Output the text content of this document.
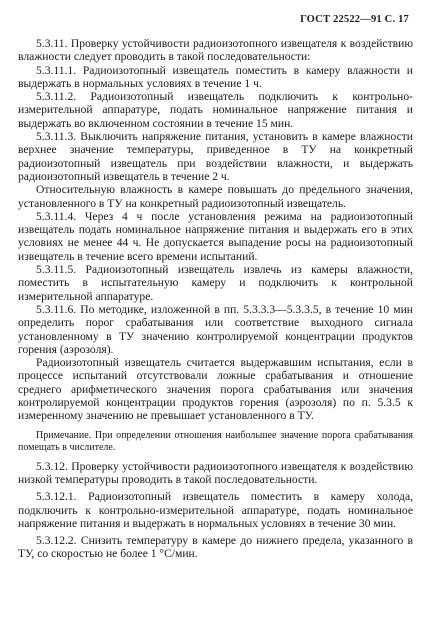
ГОСТ 22522—91 С. 17

5.3.11. Проверку устойчивости радиоизотопного извещателя к воздействию влажности следует проводить в такой последовательности:

5.3.11.1. Радиоизотопный извещатель поместить в камеру влажности и выдержать в нормальных условиях в течение 1 ч.

5.3.11.2. Радиоизотопный извещатель подключить к контрольно-измерительной аппаратуре, подать номинальное напряжение питания и выдержать во включенном состоянии в течение 15 мин.

5.3.11.3. Выключить напряжение питания, установить в камере влажности верхнее значение температуры, приведенное в ТУ на конкретный радиоизотопный извещатель при воздействии влажности, и выдержать радиоизотопный извещатель в течение 2 ч.

Относительную влажность в камере повышать до предельного значения, установленного в ТУ на конкретный радиоизотопный извещатель.

5.3.11.4. Через 4 ч после установления режима на радиоизотопный извещатель подать номинальное напряжение питания и выдержать его в этих условиях не менее 44 ч. Не допускается выпадение росы на радиоизотопный извещатель в течение всего времени испытаний.

5.3.11.5. Радиоизотопный извещатель извлечь из камеры влажности, поместить в испытательную камеру и подключить к контрольной измерительной аппаратуре.

5.3.11.6. По методике, изложенной в пп. 5.3.3.3—5.3.3.5, в течение 10 мин определить порог срабатывания или соответствие выходного сигнала установленному в ТУ значению контролируемой концентрации продуктов горения (аэрозоля).

Радиоизотопный извещатель считается выдержавшим испытания, если в процессе испытаний отсутствовали ложные срабатывания и отношение среднего арифметического значения порога срабатывания или значения контролируемой концентрации продуктов горения (аэрозоля) по п. 5.3.5 к измеренному значению не превышает установленного в ТУ.

Примечание. При определении отношения наибольшее значение порога срабатывания помещать в числителе.

5.3.12. Проверку устойчивости радиоизотопного извещателя к воздействию низкой температуры проводить в такой последовательности.

5.3.12.1. Радиоизотопный извещатель поместить в камеру холода, подключить к контрольно-измерительной аппаратуре, подать номинальное напряжение питания и выдержать в нормальных условиях в течение 30 мин.

5.3.12.2. Снизить температуру в камере до нижнего предела, указанного в ТУ, со скоростью не более 1 °С/мин.
